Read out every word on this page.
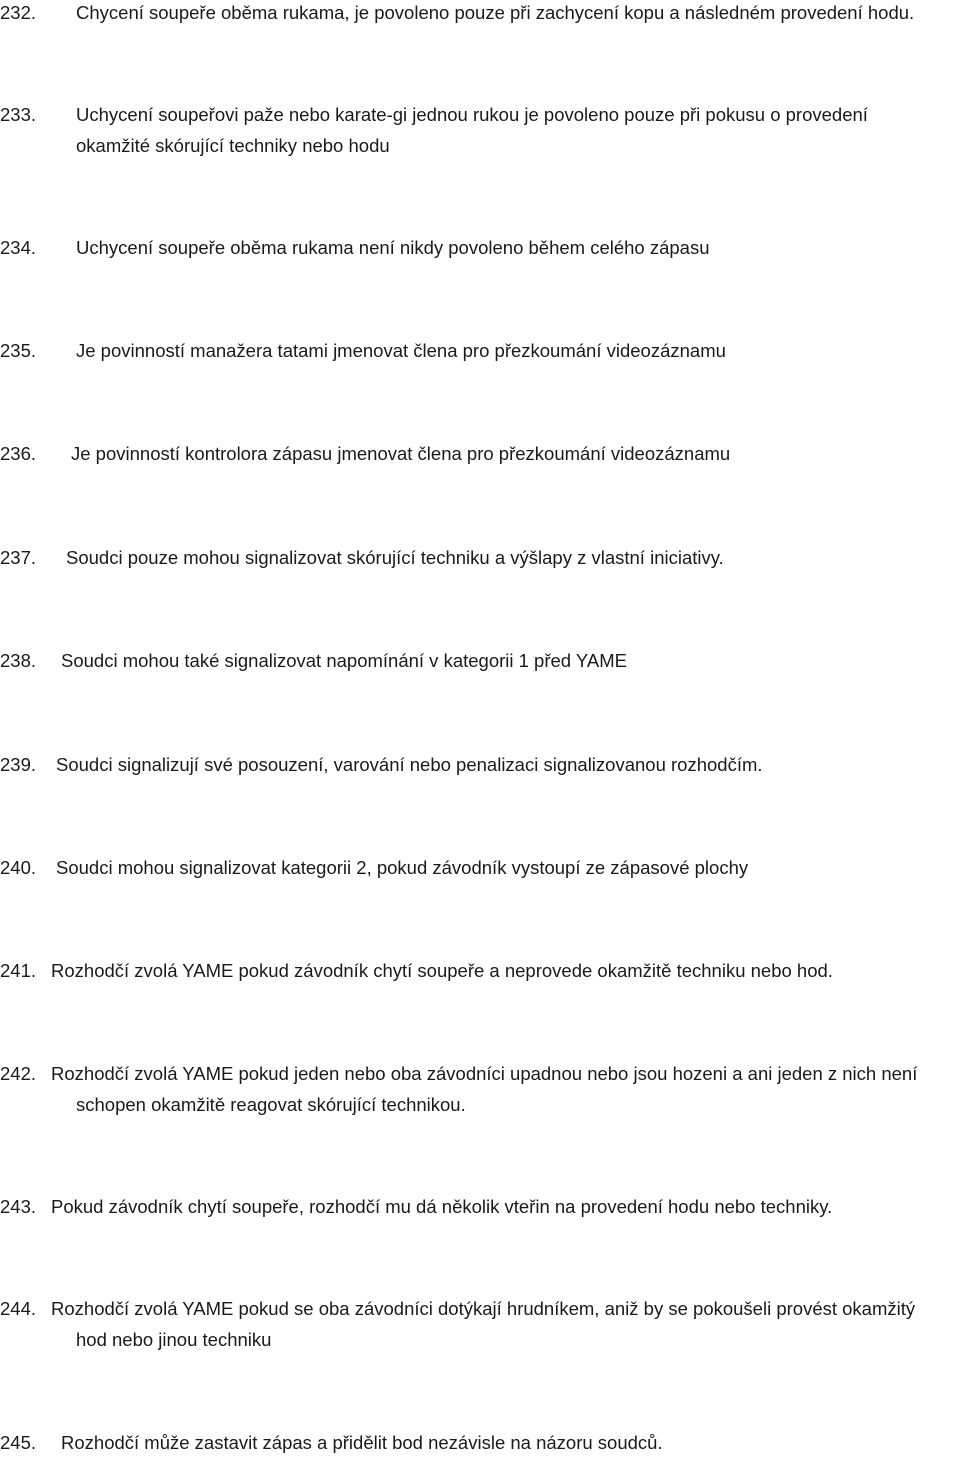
232.	Chycení soupeře oběma rukama, je povoleno pouze při zachycení kopu a následném provedení hodu.
233.	Uchycení soupeřovi paže nebo karate-gi jednou rukou je povoleno pouze při pokusu o provedení
okamžité skórující techniky nebo hodu
234.	Uchycení soupeře oběma rukama není nikdy povoleno během celého zápasu
235.	Je povinností manažera tatami jmenovat člena pro přezkoumání videozáznamu
236.	Je povinností kontrolora zápasu jmenovat člena pro přezkoumání videozáznamu
237.	Soudci pouze mohou signalizovat skórující techniku a výšlapy z vlastní iniciativy.
238.	Soudci mohou také signalizovat napomínání v kategorii 1 před YAME
239.	Soudci signalizují své posouzení, varování nebo penalizaci signalizovanou rozhodčím.
240.	Soudci mohou signalizovat kategorii 2, pokud závodník vystoupí ze zápasové plochy
241. Rozhodčí zvolá YAME pokud závodník chytí soupeře a neprovede okamžitě techniku nebo hod.
242. Rozhodčí zvolá YAME pokud jeden nebo oba závodníci upadnou nebo jsou hozeni a ani jeden z nich není
schopen okamžitě reagovat skórující technikou.
243. Pokud závodník chytí soupeře, rozhodčí mu dá několik vteřin na provedení hodu nebo techniky.
244. Rozhodčí zvolá YAME pokud se oba závodníci dotýkají hrudníkem, aniž by se pokoušeli provést okamžitý
hod nebo jinou techniku
245.	Rozhodčí může zastavit zápas a přidělit bod nezávisle na názoru soudců.
